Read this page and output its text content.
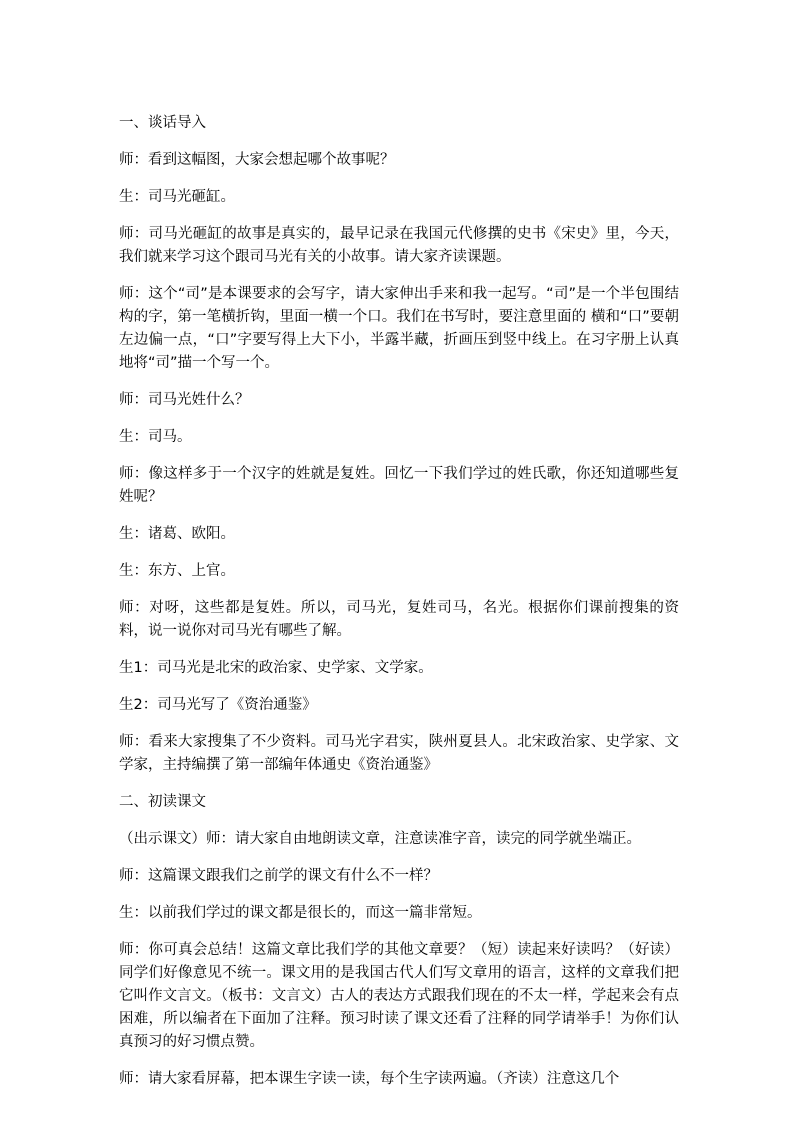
一、谈话导入

师：看到这幅图，大家会想起哪个故事呢？

生：司马光砸缸。

师：司马光砸缸的故事是真实的，最早记录在我国元代修撰的史书《宋史》里，今天，我们就来学习这个跟司马光有关的小故事。请大家齐读课题。

师：这个“司”是本课要求的会写字，请大家伸出手来和我一起写。“司”是一个半包围结构的字，第一笔横折钩，里面一横一个口。我们在书写时，要注意里面的 横和“口”要朝左边偏一点，“口”字要写得上大下小，半露半藏，折画压到竖中线上。在习字册上认真地将“司”描一个写一个。

师：司马光姓什么？

生：司马。

师：像这样多于一个汉字的姓就是复姓。回忆一下我们学过的姓氏歌，你还知道哪些复姓呢？

生：诸葛、欧阳。

生：东方、上官。

师：对呀，这些都是复姓。所以，司马光，复姓司马，名光。根据你们课前搜集的资料，说一说你对司马光有哪些了解。

生1：司马光是北宋的政治家、史学家、文学家。

生2：司马光写了《资治通鉴》

师：看来大家搜集了不少资料。司马光字君实，陕州夏县人。北宋政治家、史学家、文学家，主持编撰了第一部编年体通史《资治通鉴》

二、初读课文

（出示课文）师：请大家自由地朗读文章，注意读准字音，读完的同学就坐端正。

师：这篇课文跟我们之前学的课文有什么不一样？

生：以前我们学过的课文都是很长的，而这一篇非常短。

师：你可真会总结！这篇文章比我们学的其他文章要？（短）读起来好读吗？（好读）同学们好像意见不统一。课文用的是我国古代人们写文章用的语言，这样的文章我们把它叫作文言文。（板书：文言文）古人的表达方式跟我们现在的不太一样，学起来会有点困难，所以编者在下面加了注释。预习时读了课文还看了注释的同学请举手！为你们认真预习的好习惯点赞。

师：请大家看屏幕，把本课生字读一读，每个生字读两遍。（齐读）注意这几个
